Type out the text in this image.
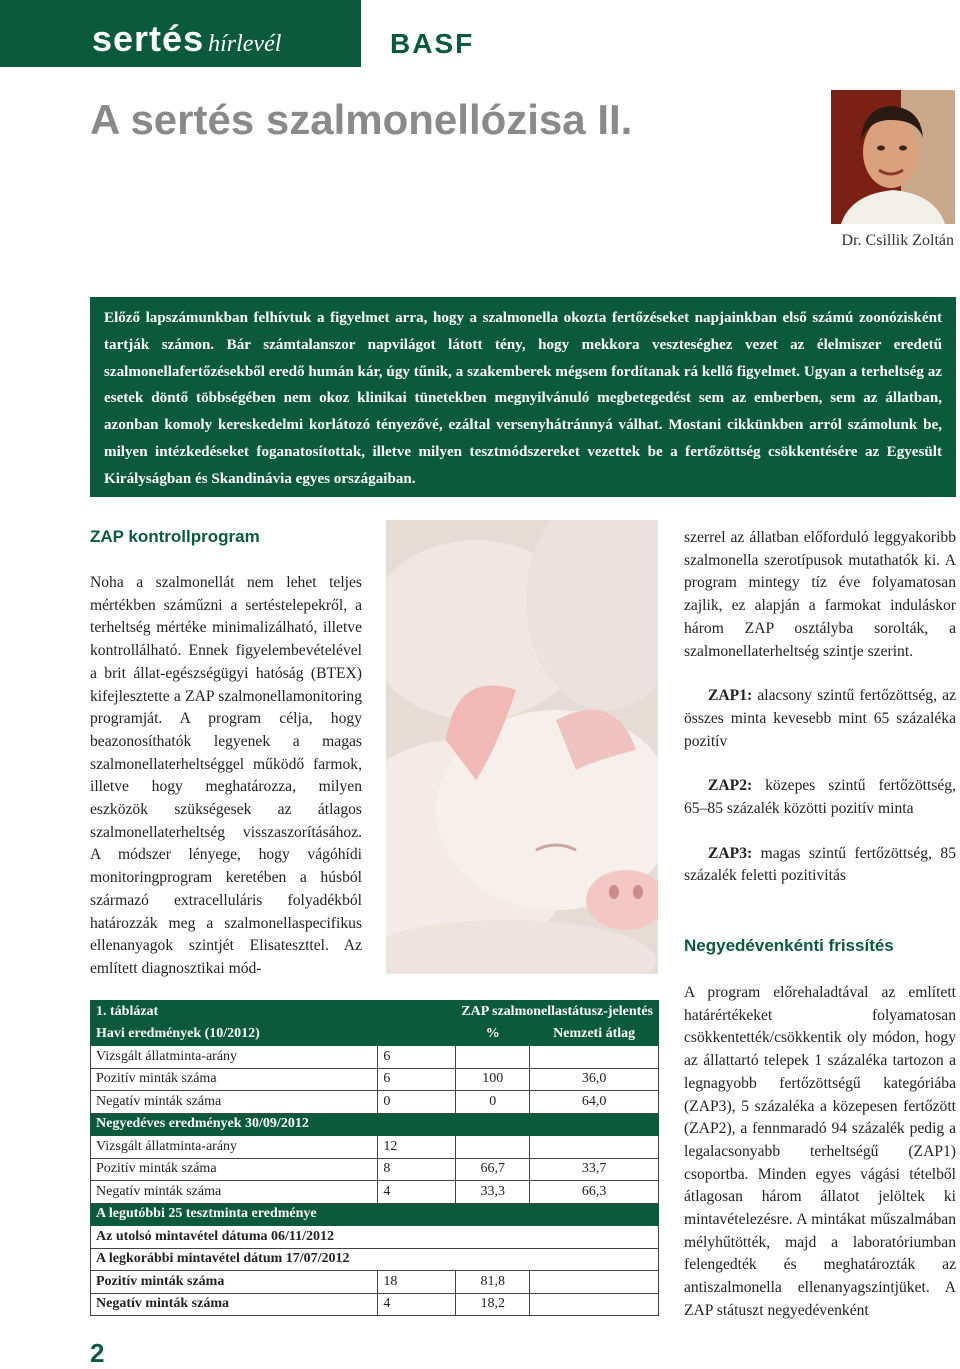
sertés hírlevél	BASF
A sertés szalmonellózisa II.
Dr. Csillik Zoltán
Előző lapszámunkban felhívtuk a figyelmet arra, hogy a szalmonella okozta fertőzéseket napjainkban első számú zoonózisként tartják számon. Bár számtalanszor napvilágot látott tény, hogy mekkora veszteséghez vezet az élelmiszer eredetű szalmonellafertőzésekből eredő humán kár, úgy tűnik, a szakemberek mégsem fordítanak rá kellő figyelmet. Ugyan a terheltség az esetek döntő többségében nem okoz klinikai tünetekben megnyilvánuló megbetegedést sem az emberben, sem az állatban, azonban komoly kereskedelmi korlátozó tényezővé, ezáltal versenyhátránnyá válhat. Mostani cikkünkben arról számolunk be, milyen intézkedéseket foganatosítottak, illetve milyen tesztmódszereket vezettek be a fertőzöttség csökkentésére az Egyesült Királyságban és Skandinávia egyes országaiban.
ZAP kontrollprogram

Noha a szalmonellát nem lehet teljes mértékben száműzni a sertéstelepekről, a terheltség mértéke minimalizálható, illetve kontrollálható. Ennek figyelembevételével a brit állat-egészségügyi hatóság (BTEX) kifejlesztette a ZAP szalmonellamonitoring programját. A program célja, hogy beazonosíthatók legyenek a magas szalmonellaterheltséggel működő farmok, illetve hogy meghatározza, milyen eszközök szükségesek az átlagos szalmonellaterheltség visszaszorításához. A módszer lényege, hogy vágóhídi monitoringprogram keretében a húsból származó extracelluláris folyadékból határozzák meg a szalmonellaspecifikus ellenanyagok szintjét Elisateszttel. Az említett diagnosztikai mód-

szerrel az állatban előforduló leggyakoribb szalmonella szerotípusok mutathatók ki. A program mintegy tíz éve folyamatosan zajlik, ez alapján a farmokat induláskor három ZAP osztályba sorolták, a szalmonellaterheltség szintje szerint.

ZAP1: alacsony szintű fertőzöttség, az összes minta kevesebb mint 65 százaléka pozitív

ZAP2: közepes szintű fertőzöttség, 65–85 százalék közötti pozitív minta

ZAP3: magas szintű fertőzöttség, 85 százalék feletti pozitivitás

Negyedévenkénti frissítés

A program előrehaladtával az említett határértékeket folyamatosan csökkentették/csökkentik oly módon, hogy az állattartó telepek 1 százaléka tartozon a legnagyobb fertőzöttségű kategóriába (ZAP3), 5 százaléka a közepesen fertőzött (ZAP2), a fennmaradó 94 százalék pedig a legalacsonyabb terheltségű (ZAP1) csoportba. Minden egyes vágási tételből átlagosan három állatot jelöltek ki mintavételezésre. A mintákat műszalmában mélyhűtötték, majd a laboratóriumban felengedték és meghatározták az antiszalmonella ellenanyagszintjüket. A ZAP státuszt negyedévenként

1. táblázat		ZAP szalmonellastátusz-jelentés	
Havi eredmények (10/2012)		%	Nemzeti átlag
Vizsgált állatminta-arány	6		
Pozitív minták száma	6	100	36,0
Negatív minták száma	0	0	64,0
Negyedéves eredmények 30/09/2012			
Vizsgált állatminta-arány	12		
Pozitív minták száma	8	66,7	33,7
Negatív minták száma	4	33,3	66,3
A legutóbbi 25 tesztminta eredménye			
Az utolsó mintavétel dátuma 06/11/2012			
A legkorábbi mintavétel dátum 17/07/2012			
Pozitív minták száma	18	81,8	
Negatív minták száma	4	18,2	
2
